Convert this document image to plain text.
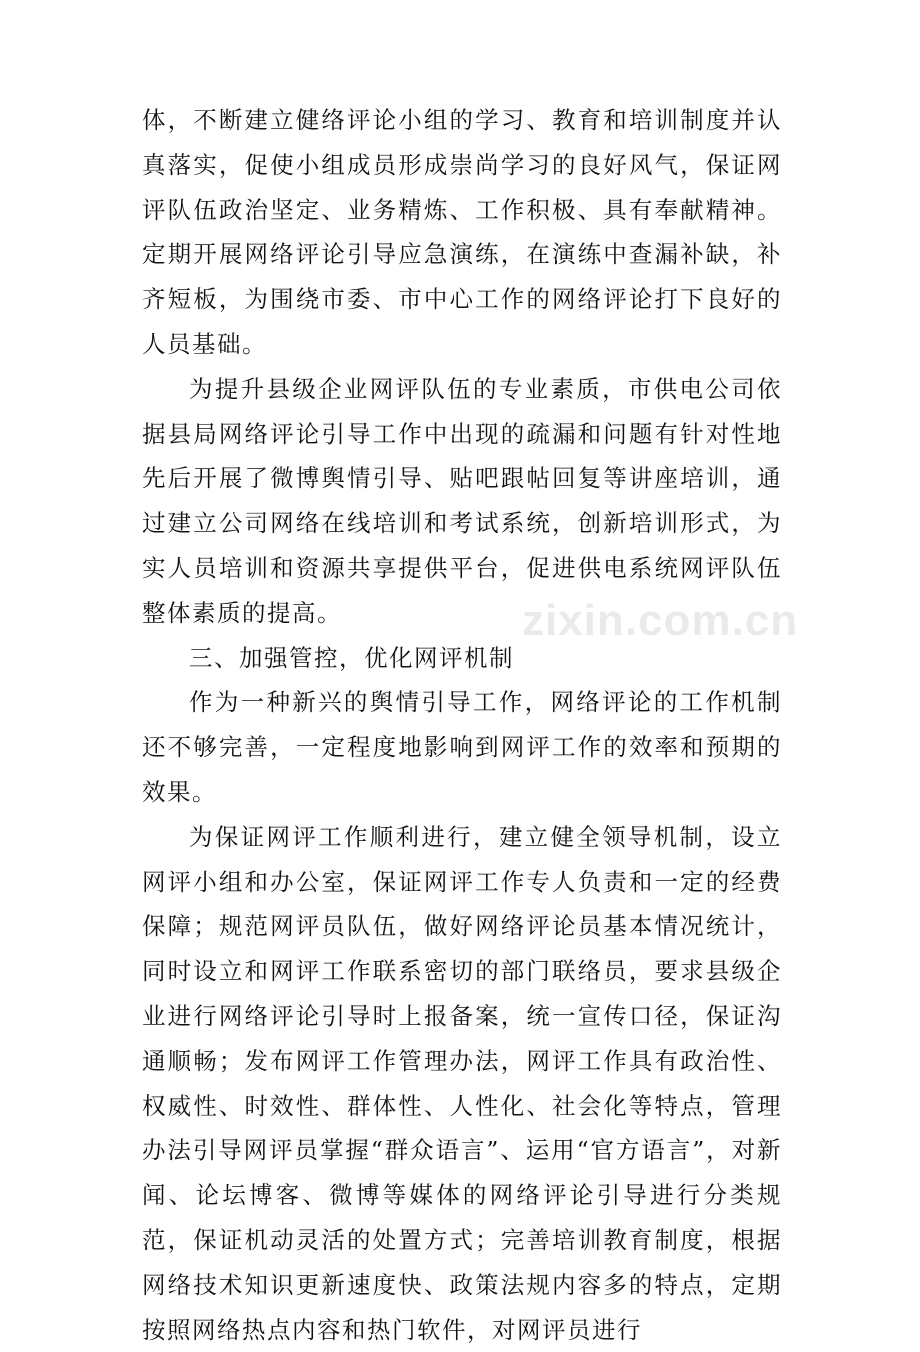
体，不断建立健络评论小组的学习、教育和培训制度并认真落实，促使小组成员形成崇尚学习的良好风气，保证网评队伍政治坚定、业务精炼、工作积极、具有奉献精神。定期开展网络评论引导应急演练，在演练中查漏补缺，补齐短板，为围绕市委、市中心工作的网络评论打下良好的人员基础。

为提升县级企业网评队伍的专业素质，市供电公司依据县局网络评论引导工作中出现的疏漏和问题有针对性地先后开展了微博舆情引导、贴吧跟帖回复等讲座培训，通过建立公司网络在线培训和考试系统，创新培训形式，为实人员培训和资源共享提供平台，促进供电系统网评队伍整体素质的提高。

三、加强管控，优化网评机制

作为一种新兴的舆情引导工作，网络评论的工作机制还不够完善，一定程度地影响到网评工作的效率和预期的效果。

为保证网评工作顺利进行，建立健全领导机制，设立网评小组和办公室，保证网评工作专人负责和一定的经费保障；规范网评员队伍，做好网络评论员基本情况统计，同时设立和网评工作联系密切的部门联络员，要求县级企业进行网络评论引导时上报备案，统一宣传口径，保证沟通顺畅；发布网评工作管理办法，网评工作具有政治性、权威性、时效性、群体性、人性化、社会化等特点，管理办法引导网评员掌握“群众语言”、运用“官方语言”，对新闻、论坛博客、微博等媒体的网络评论引导进行分类规范，保证机动灵活的处置方式；完善培训教育制度，根据网络技术知识更新速度快、政策法规内容多的特点，定期按照网络热点内容和热门软件，对网评员进行

zixin.com.cn
